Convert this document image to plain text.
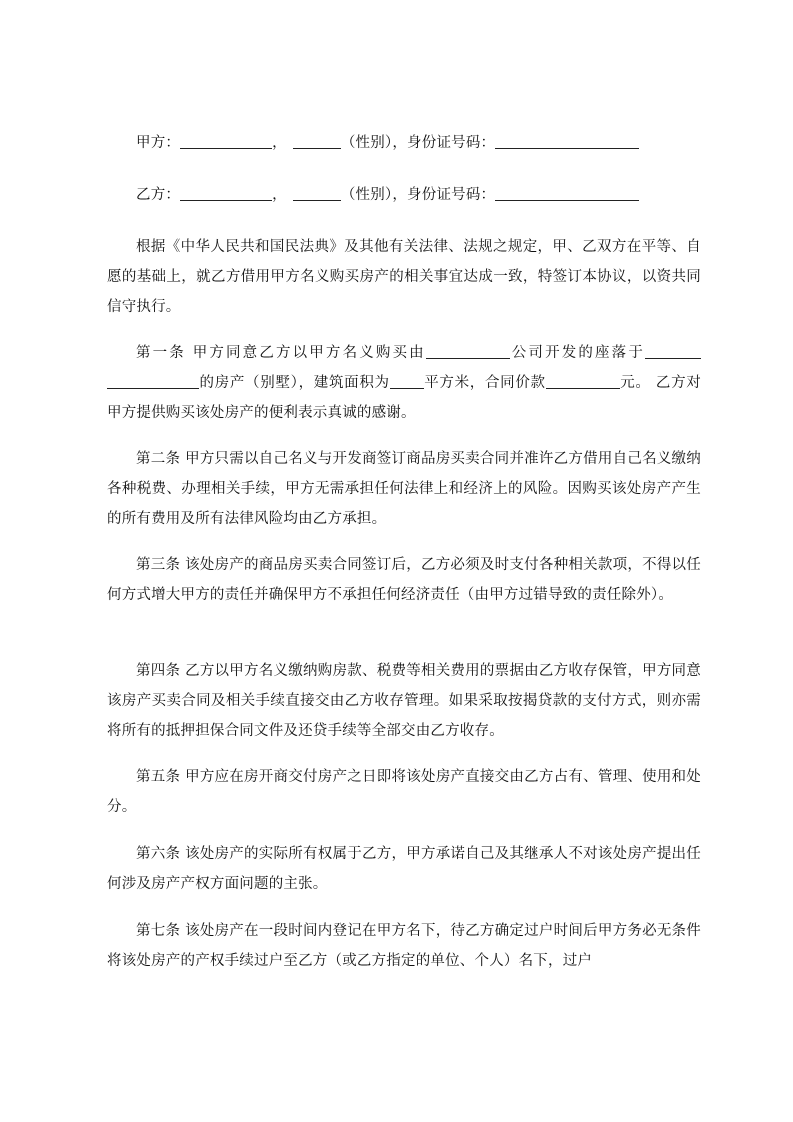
甲方：	，	（性别），身份证号码：

乙方：	，	（性别），身份证号码：

根据《中华人民共和国民法典》及其他有关法律、法规之规定，甲、乙双方在平等、自愿的基础上，就乙方借用甲方名义购买房产的相关事宜达成一致，特签订本协议，以资共同信守执行。

第一条 甲方同意乙方以甲方名义购买由	公司开发的座落于的房产（别墅），建筑面积为 平方米，合同价款	元。 乙方对甲方提供购买该处房产的便利表示真诚的感谢。

第二条 甲方只需以自己名义与开发商签订商品房买卖合同并准许乙方借用自己名义缴纳各种税费、办理相关手续，甲方无需承担任何法律上和经济上的风险。因购买该处房产产生的所有费用及所有法律风险均由乙方承担。

第三条 该处房产的商品房买卖合同签订后，乙方必须及时支付各种相关款项，不得以任何方式增大甲方的责任并确保甲方不承担任何经济责任（由甲方过错导致的责任除外）。

第四条 乙方以甲方名义缴纳购房款、税费等相关费用的票据由乙方收存保管，甲方同意该房产买卖合同及相关手续直接交由乙方收存管理。如果采取按揭贷款的支付方式，则亦需将所有的抵押担保合同文件及还贷手续等全部交由乙方收存。

第五条 甲方应在房开商交付房产之日即将该处房产直接交由乙方占有、管理、使用和处分。

第六条 该处房产的实际所有权属于乙方，甲方承诺自己及其继承人不对该处房产提出任何涉及房产产权方面问题的主张。

第七条 该处房产在一段时间内登记在甲方名下，待乙方确定过户时间后甲方务必无条件将该处房产的产权手续过户至乙方（或乙方指定的单位、个人）名下，过户
